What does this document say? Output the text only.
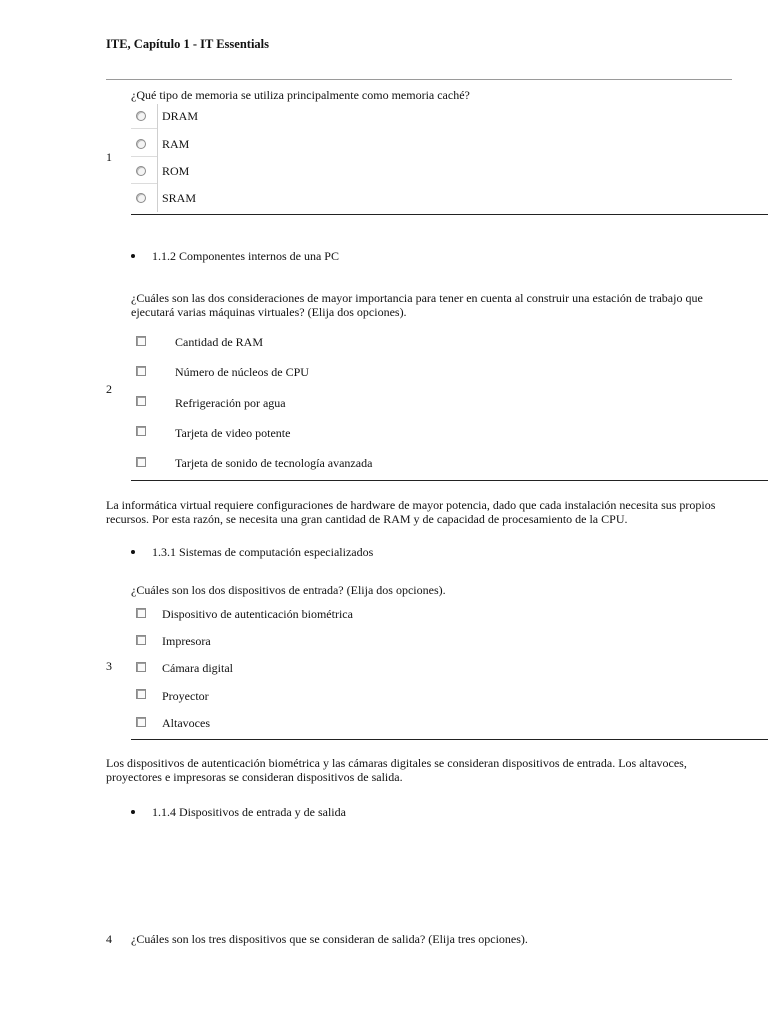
ITE, Capítulo 1 - IT Essentials
¿Qué tipo de memoria se utiliza principalmente como memoria caché?
1
DRAM
RAM
ROM
SRAM
1.1.2 Componentes internos de una PC
¿Cuáles son las dos consideraciones de mayor importancia para tener en cuenta al construir una estación de trabajo que ejecutará varias máquinas virtuales? (Elija dos opciones).
2
Cantidad de RAM
Número de núcleos de CPU
Refrigeración por agua
Tarjeta de video potente
Tarjeta de sonido de tecnología avanzada
La informática virtual requiere configuraciones de hardware de mayor potencia, dado que cada instalación necesita sus propios recursos. Por esta razón, se necesita una gran cantidad de RAM y de capacidad de procesamiento de la CPU.
1.3.1 Sistemas de computación especializados
¿Cuáles son los dos dispositivos de entrada? (Elija dos opciones).
3
Dispositivo de autenticación biométrica
Impresora
Cámara digital
Proyector
Altavoces
Los dispositivos de autenticación biométrica y las cámaras digitales se consideran dispositivos de entrada. Los altavoces, proyectores e impresoras se consideran dispositivos de salida.
1.1.4 Dispositivos de entrada y de salida
4 ¿Cuáles son los tres dispositivos que se consideran de salida? (Elija tres opciones).
